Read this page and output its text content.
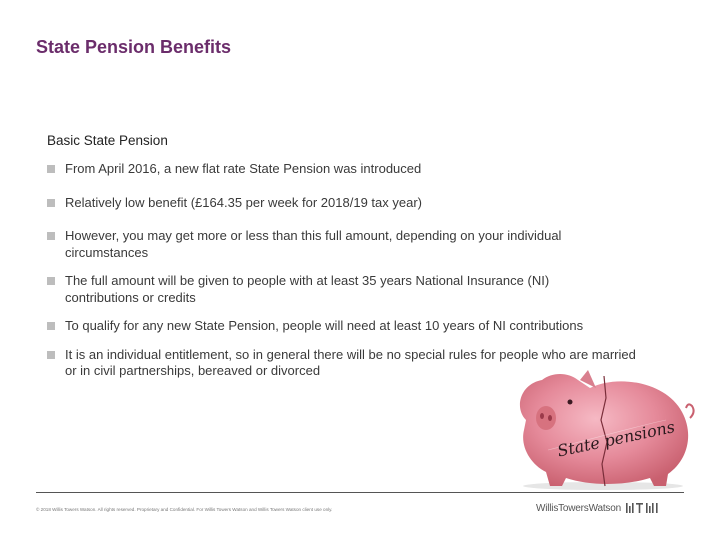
State Pension Benefits
Basic State Pension
From April 2016, a new flat rate State Pension was introduced
Relatively low benefit (£164.35 per week for 2018/19 tax year)
However, you may get more or less than this full amount, depending on your individual circumstances
The full amount will be given to people with at least 35 years National Insurance (NI) contributions or credits
To qualify for any new State Pension, people will need at least 10 years of NI contributions
It is an individual entitlement, so in general there will be no special rules for people who are married or in civil partnerships, bereaved or divorced
State pensions
© 2018 Willis Towers Watson. All rights reserved. Proprietary and Confidential. For Willis Towers Watson and Willis Towers Watson client use only.	WillisTowersWatson
